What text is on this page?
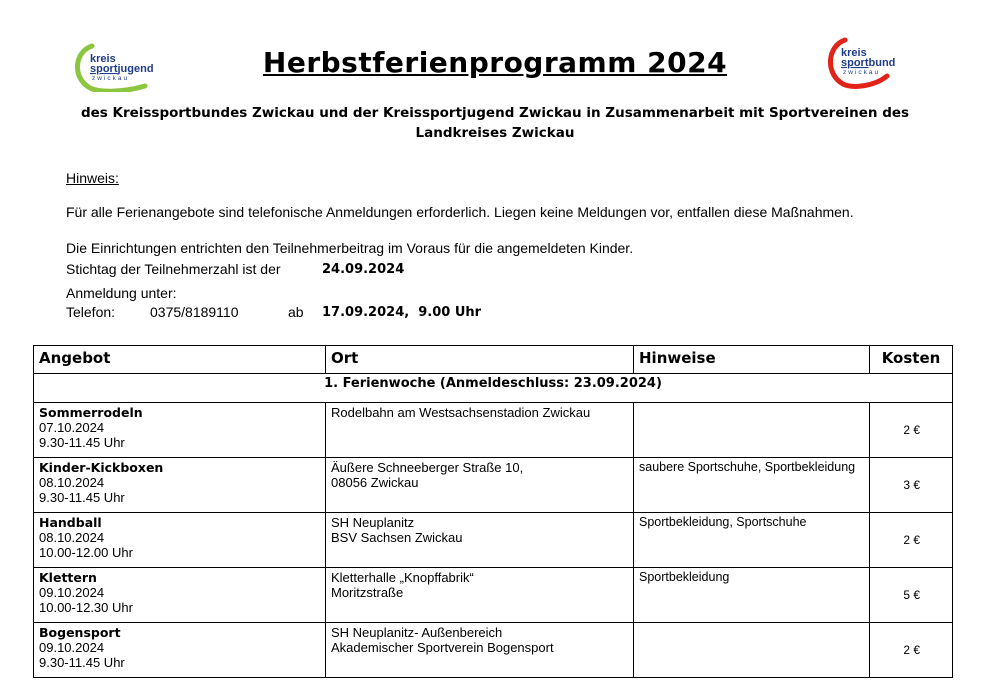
kreis
sportjugend
zwickau
kreis
sportbund
zwickau
Herbstferienprogramm 2024
des Kreissportbundes Zwickau und der Kreissportjugend Zwickau in Zusammenarbeit mit Sportvereinen des Landkreises Zwickau
Hinweis:
Für alle Ferienangebote sind telefonische Anmeldungen erforderlich. Liegen keine Meldungen vor, entfallen diese Maßnahmen.
Die Einrichtungen entrichten den Teilnehmerbeitrag im Voraus für die angemeldeten Kinder.
Stichtag der Teilnehmerzahl ist der	24.09.2024
Anmeldung unter:
Telefon: 0375/8189110	ab 17.09.2024,  9.00 Uhr
Angebot	Ort	Hinweise	Kosten
1. Ferienwoche (Anmeldeschluss: 23.09.2024)			

Sommerrodeln
07.10.2024
9.30-11.45 Uhr	Rodelbahn am Westsachsenstadion Zwickau		2 €

Kinder-Kickboxen
08.10.2024
9.30-11.45 Uhr	Äußere Schneeberger Straße 10,
08056 Zwickau	saubere Sportschuhe, Sportbekleidung	3 €

Handball
08.10.2024
10.00-12.00 Uhr	SH Neuplanitz
BSV Sachsen Zwickau	Sportbekleidung, Sportschuhe	2 €

Klettern
09.10.2024
10.00-12.30 Uhr	Kletterhalle „Knopffabrik“
Moritzstraße	Sportbekleidung	5 €

Bogensport
09.10.2024
9.30-11.45 Uhr	SH Neuplanitz- Außenbereich
Akademischer Sportverein Bogensport		2 €
